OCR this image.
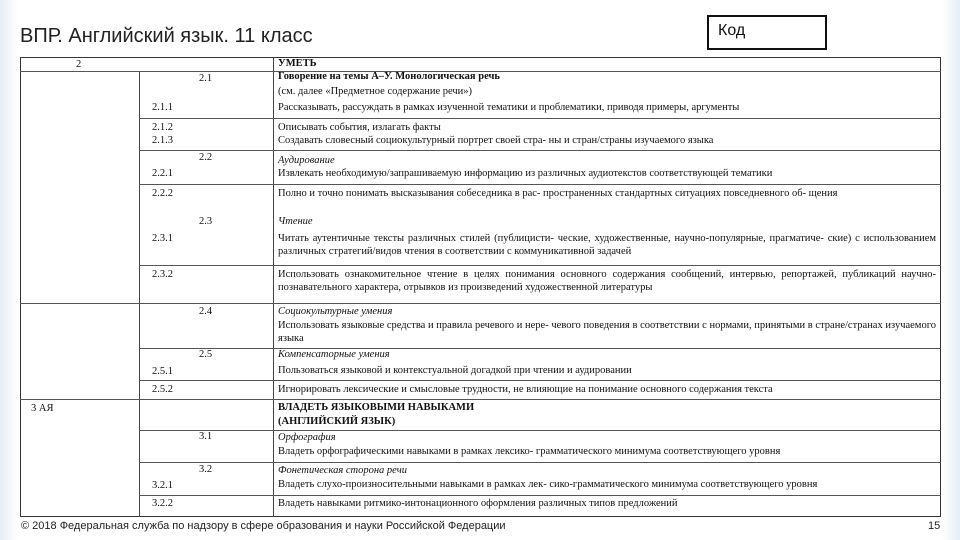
ВПР. Английский язык. 11 класс	Код
2
3 АЯ
2.1
2.2
2.3
2.4
2.5
3.1
3.2
2.1.1
2.1.2
2.1.3
2.2.1
2.2.2
2.3.1
2.3.2
2.5.1
2.5.2
3.2.1
3.2.2
УМЕТЬ
Говорение на темы А–У. Монологическая речь
(см. далее «Предметное содержание речи»)
Рассказывать, рассуждать в рамках изученной тематики и проблематики, приводя примеры, аргументы
Описывать события, излагать факты
Создавать словесный социокультурный портрет своей стра- ны и стран/страны изучаемого языка
Аудирование
Извлекать необходимую/запрашиваемую информацию из различных аудиотекстов соответствующей тематики
Полно и точно понимать высказывания собеседника в рас- пространенных стандартных ситуациях повседневного об- щения
Чтение
Читать аутентичные тексты различных стилей (публицисти- ческие, художественные, научно-популярные, прагматиче- ские) с использованием различных стратегий/видов чтения в соответствии с коммуникативной задачей
Использовать ознакомительное чтение в целях понимания основного содержания сообщений, интервью, репортажей, публикаций научно-познавательного характера, отрывков из произведений художественной литературы
Социокультурные умения
Использовать языковые средства и правила речевого и нере- чевого поведения в соответствии с нормами, принятыми в стране/странах изучаемого языка
Компенсаторные умения
Пользоваться языковой и контекстуальной догадкой при чтении и аудировании
Игнорировать лексические и смысловые трудности, не влияющие на понимание основного содержания текста
ВЛАДЕТЬ ЯЗЫКОВЫМИ НАВЫКАМИ
(АНГЛИЙСКИЙ ЯЗЫК)
Орфография
Владеть орфографическими навыками в рамках лексико- грамматического минимума соответствующего уровня
Фонетическая сторона речи
Владеть слухо-произносительными навыками в рамках лек- сико-грамматического минимума соответствующего уровня
Владеть навыками ритмико-интонационного оформления различных типов предложений
© 2018 Федеральная служба по надзору в сфере образования и науки Российской Федерации	15
